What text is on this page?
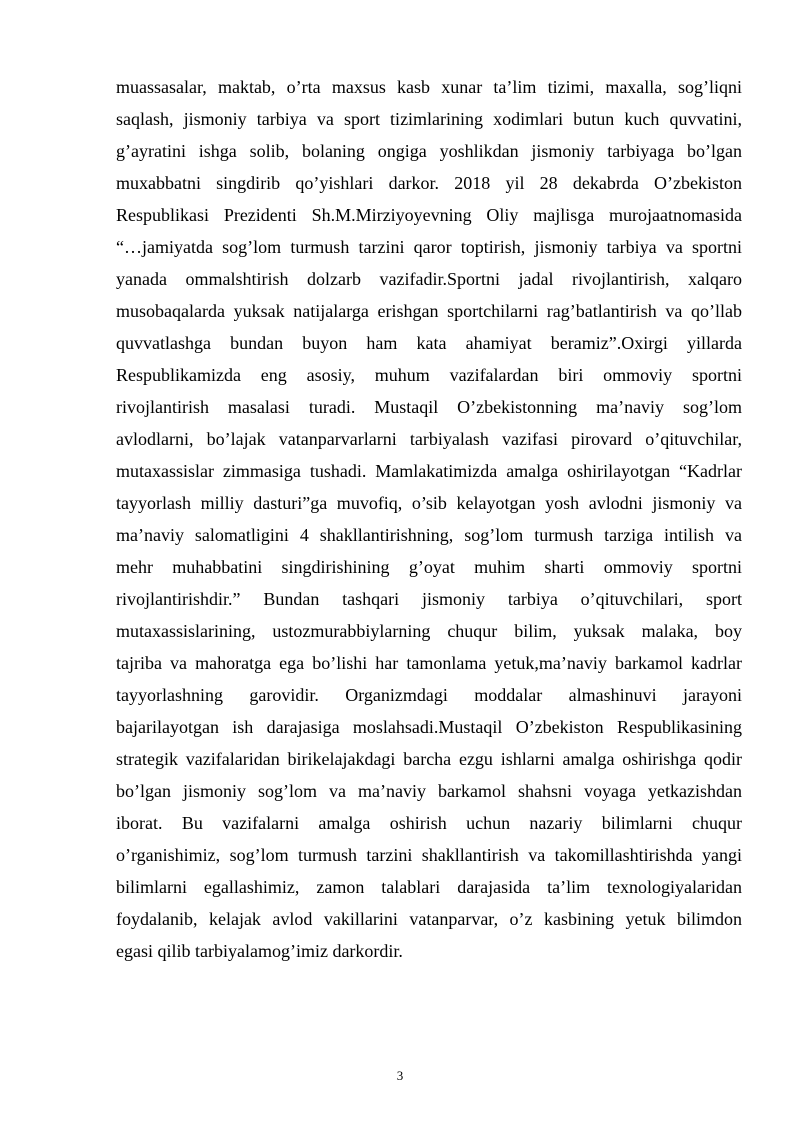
muassasalar, maktab, o’rta maxsus kasb xunar ta’lim tizimi, maxalla, sog’liqni
saqlash, jismoniy tarbiya va sport tizimlarining xodimlari butun kuch quvvatini,
g’ayratini ishga solib, bolaning ongiga yoshlikdan jismoniy tarbiyaga bo’lgan
muxabbatni singdirib qo’yishlari darkor. 2018 yil 28 dekabrda O’zbekiston
Respublikasi Prezidenti Sh.M.Mirziyoyevning Oliy majlisga murojaatnomasida
“…jamiyatda sog’lom turmush tarzini qaror toptirish, jismoniy tarbiya va sportni
yanada ommalshtirish dolzarb vazifadir.Sportni jadal rivojlantirish, xalqaro
musobaqalarda yuksak natijalarga erishgan sportchilarni rag’batlantirish va qo’llab
quvvatlashga bundan buyon ham kata ahamiyat beramiz”.Oxirgi yillarda
Respublikamizda eng asosiy, muhum vazifalardan biri ommoviy sportni
rivojlantirish masalasi turadi. Mustaqil O’zbekistonning ma’naviy sog’lom
avlodlarni, bo’lajak vatanparvarlarni tarbiyalash vazifasi pirovard o’qituvchilar,
mutaxassislar zimmasiga tushadi. Mamlakatimizda amalga oshirilayotgan “Kadrlar
tayyorlash milliy dasturi”ga muvofiq, o’sib kelayotgan yosh avlodni jismoniy va
ma’naviy salomatligini 4 shakllantirishning, sog’lom turmush tarziga intilish va
mehr muhabbatini singdirishining g’oyat muhim sharti ommoviy sportni
rivojlantirishdir.” Bundan tashqari jismoniy tarbiya o’qituvchilari, sport
mutaxassislarining, ustozmurabbiylarning chuqur bilim, yuksak malaka, boy
tajriba va mahoratga ega bo’lishi har tamonlama yetuk,ma’naviy barkamol kadrlar
tayyorlashning garovidir. Organizmdagi moddalar almashinuvi jarayoni
bajarilayotgan ish darajasiga moslahsadi.Mustaqil O’zbekiston Respublikasining
strategik vazifalaridan birikelajakdagi barcha ezgu ishlarni amalga oshirishga qodir
bo’lgan jismoniy sog’lom va ma’naviy barkamol shahsni voyaga yetkazishdan
iborat. Bu vazifalarni amalga oshirish uchun nazariy bilimlarni chuqur
o’rganishimiz, sog’lom turmush tarzini shakllantirish va takomillashtirishda yangi
bilimlarni egallashimiz, zamon talablari darajasida ta’lim texnologiyalaridan
foydalanib, kelajak avlod vakillarini vatanparvar, o’z kasbining yetuk bilimdon
egasi qilib tarbiyalamog’imiz darkordir.
3
